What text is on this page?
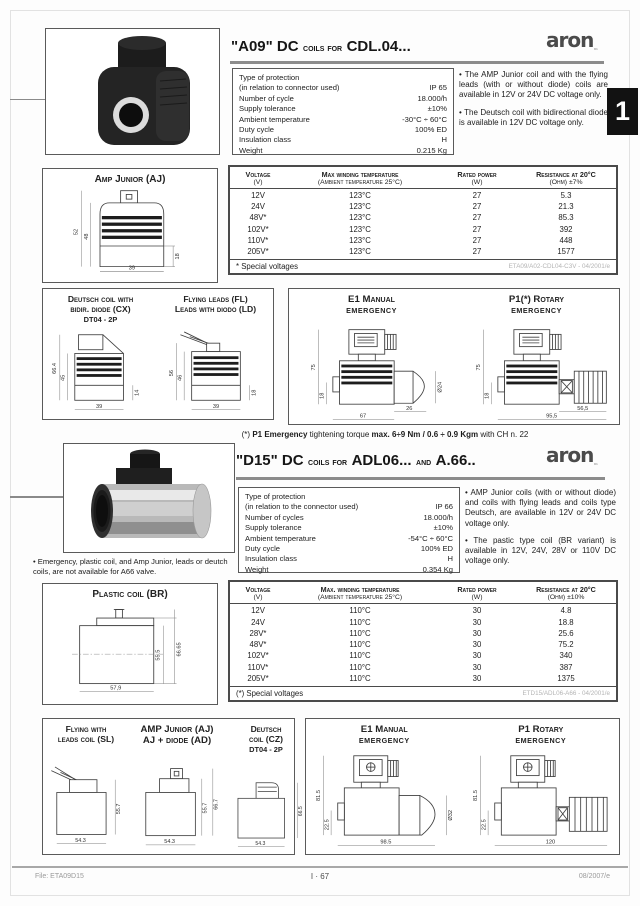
"A09" DC coils for CDL.04...	aron$_™$
1
Type of protection
(in relation to connector used)	IP 65
Number of cycle	18.000/h
Supply tolerance	±10%
Ambient temperature	-30°C ÷ 60°C
Duty cycle	100% ED
Insulation class	H
Weight	0.215 Kg

• The AMP Junior coil and with the flying leads (with or without diode) coils are available in 12V or 24V DC voltage only.

• The Deutsch coil with bidirectional diode is available in 12V DC voltage only.

Amp Junior (AJ)
52
48
18
39
Voltage
(V)
Max winding temperature
(Ambient temperature 25°C)
Rated power
(W)
Resistance at 20°C
(Ohm) ±7%
12V	123°C	27	5.3
24V	123°C	27	21.3
48V*	123°C	27	85.3
102V*	123°C	27	392
110V*	123°C	27	448
205V*	123°C	27	1577
* Special voltages	ETA09/A02-CDL04-C3V - 04/2001/e
Deutsch coil with
bidir. diode (CX)
DT04 - 2P
66.4
45
14
39
Flying leads (FL)
Leads with diodo (LD)
56
46
18
39
E1 Manual
EMERGENCY
75
18
Ø24
26
67
P1(*) Rotary
EMERGENCY
75
18
56,5
95,5
(*) P1 Emergency tightening torque max. 6÷9 Nm / 0.6 ÷ 0.9 Kgm with CH n. 22
"D15" DC coils for ADL06... and A.66..	aron$_™$
Type of protection
(in relation to the connector used)	IP 66
Number of cycles	18.000/h
Supply tolerance	±10%
Ambient temperature	-54°C ÷ 60°C
Duty cycle	100% ED
Insulation class	H
Weight	0.354 Kg

• AMP Junior coils (with or without diode) and coils with flying leads and coils type Deutsch, are available in 12V or 24V DC voltage only.

• The pastic type coil (BR variant) is available in 12V, 24V, 28V or 110V DC voltage only.

• Emergency, plastic coil, and Amp Junior, leads or deutch coils, are not available for A66 valve.
Plastic coil (BR)
55.5 66.65
57,9
Voltage
(V)
Max. winding temperature
(Ambient temperature 25°C)
Rated power
(W)
Resistance at 20°C
(Ohm) ±10%
12V	110°C	30	4.8
24V	110°C	30	18.8
28V*	110°C	30	25.6
48V*	110°C	30	75.2
102V*	110°C	30	340
110V*	110°C	30	387
205V*	110°C	30	1375
(*) Special voltages	ETD15/ADL06-A66 - 04/2001/e
Flying with
leads coil (SL)
55.7
54.3
AMP Junior (AJ)
AJ + diode (AD)
55.7 66.7
54.3
Deutsch
coil (CZ)
DT04 - 2P
66.5
54.3
E1 Manual
EMERGENCY
81.5
22.5
Ø32
98.5
P1 Rotary
EMERGENCY
81.5
22.5
120
File: ETA09D15	I · 67	08/2007/e
